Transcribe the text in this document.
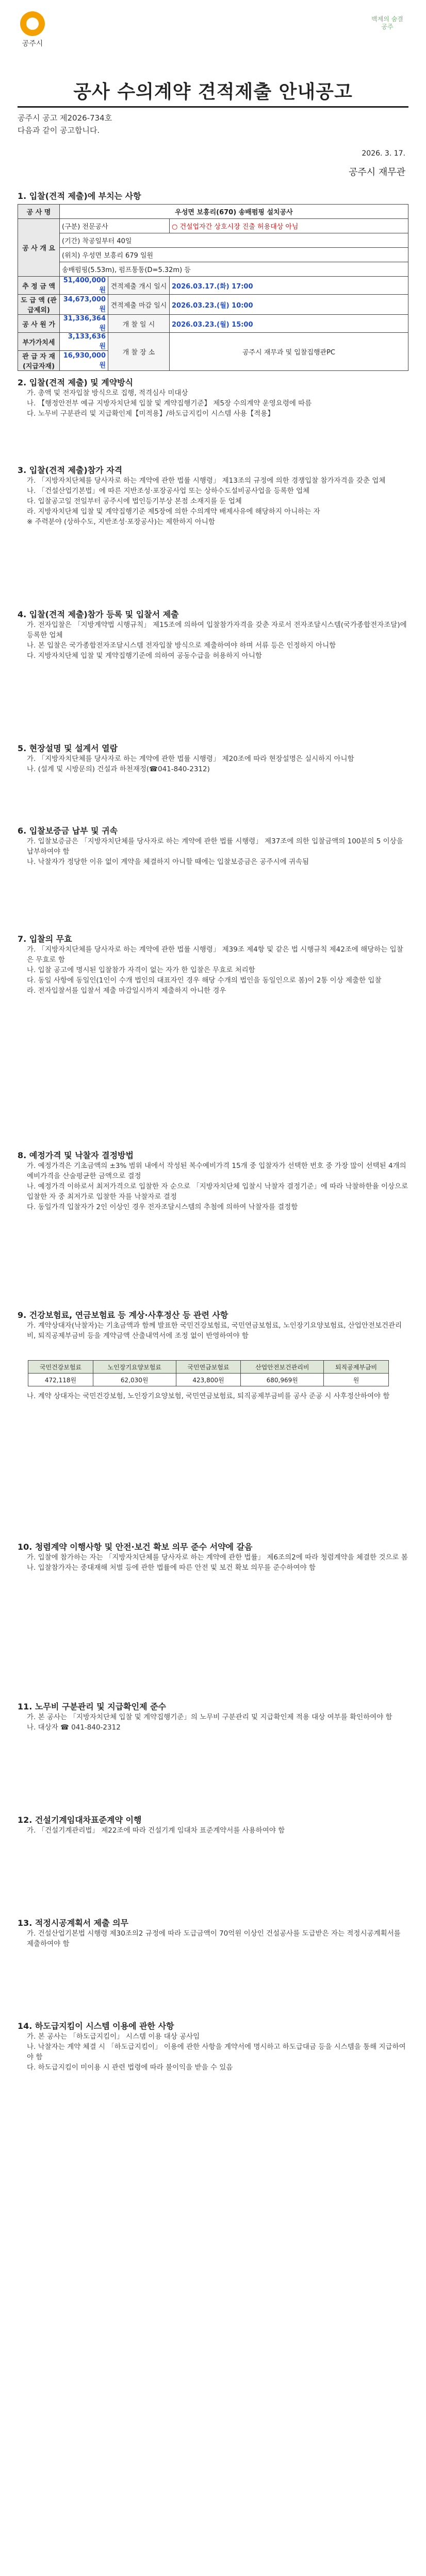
공주시
백제의 숨결 공주
공사 수의계약 견적제출 안내공고
공주시 공고 제2026-734호
다음과 같이 공고합니다.
2026. 3. 17.
공주시 재무관
1. 입찰(견적 제출)에 부치는 사항
공 사 명	우성면 보흥리(670) 송배펌핑 설치공사		
공 사 개 요	(구분) 전문공사		○ 건설업자간 상호시장 진출 허용대상 아님
	(기간) 착공일부터 40일		
	(위치) 우성면 보흥리 679 일원		
	송배펌핑(5.53m), 펌프통통(D=5.32m) 등		
추 정 금 액	51,400,000원	견적제출 개시 일시	2026.03.17.(화) 17:00
도 급 액 (관급제외)	34,673,000원	견적제출 마감 일시	2026.03.23.(월) 10:00
공 사 원 가	31,336,364원	개 찰 일 시	2026.03.23.(월) 15:00
부가가치세	3,133,636원	개 찰 장 소	공주시 재무과 및 입찰집행관PC
관 급 자 재 (지급자재)	16,930,000원		
2. 입찰(견적 제출) 및 계약방식

가. 총액 및 전자입찰 방식으로 집행, 적격심사 미대상

나. 【행정안전부 예규 지방자치단체 입찰 및 계약집행기준】 제5장 수의계약 운영요령에 따름

다. 노무비 구분관리 및 지급확인제【미적용】/하도급지킴이 시스템 사용【적용】

3. 입찰(견적 제출)참가 자격

가. 「지방자치단체를 당사자로 하는 계약에 관한 법률 시행령」 제13조의 규정에 의한 경쟁입찰 참가자격을 갖춘 업체

나. 「건설산업기본법」에 따른 지반조성·포장공사업 또는 상하수도설비공사업을 등록한 업체

다. 입찰공고일 전일부터 공주시에 법인등기부상 본점 소재지를 둔 업체

라. 지방자치단체 입찰 및 계약집행기준 제5장에 의한 수의계약 배제사유에 해당하지 아니하는 자

※ 주력분야 (상하수도, 지반조성·포장공사)는 제한하지 아니함

4. 입찰(견적 제출)참가 등록 및 입찰서 제출

가. 전자입찰은 「지방계약법 시행규칙」 제15조에 의하여 입찰참가자격을 갖춘 자로서 전자조달시스템(국가종합전자조달)에 등록한 업체

나. 본 입찰은 국가종합전자조달시스템 전자입찰 방식으로 제출하여야 하며 서류 등은 인정하지 아니함

다. 지방자치단체 입찰 및 계약집행기준에 의하여 공동수급을 허용하지 아니함

5. 현장설명 및 설계서 열람

가. 「지방자치단체를 당사자로 하는 계약에 관한 법률 시행령」 제20조에 따라 현장설명은 실시하지 아니함

나. (설계 및 시방문의) 건설과 하천재정(☎041-840-2312)

6. 입찰보증금 납부 및 귀속

가. 입찰보증금은 「지방자치단체를 당사자로 하는 계약에 관한 법률 시행령」 제37조에 의한 입찰금액의 100분의 5 이상을 납부하여야 함

나. 낙찰자가 정당한 이유 없이 계약을 체결하지 아니할 때에는 입찰보증금은 공주시에 귀속됨

7. 입찰의 무효

가. 「지방자치단체를 당사자로 하는 계약에 관한 법률 시행령」 제39조 제4항 및 같은 법 시행규칙 제42조에 해당하는 입찰은 무효로 함

나. 입찰 공고에 명시된 입찰참가 자격이 없는 자가 한 입찰은 무효로 처리함

다. 동일 사항에 동일인(1인이 수개 법인의 대표자인 경우 해당 수개의 법인을 동일인으로 봄)이 2통 이상 제출한 입찰

라. 전자입찰서를 입찰서 제출 마감일시까지 제출하지 아니한 경우

8. 예정가격 및 낙찰자 결정방법

가. 예정가격은 기초금액의 ±3% 범위 내에서 작성된 복수예비가격 15개 중 입찰자가 선택한 번호 중 가장 많이 선택된 4개의 예비가격을 산술평균한 금액으로 결정

나. 예정가격 이하로서 최저가격으로 입찰한 자 순으로 「지방자치단체 입찰시 낙찰자 결정기준」에 따라 낙찰하한율 이상으로 입찰한 자 중 최저가로 입찰한 자를 낙찰자로 결정

다. 동일가격 입찰자가 2인 이상인 경우 전자조달시스템의 추첨에 의하여 낙찰자를 결정함

9. 건강보험료, 연금보험료 등 계상·사후정산 등 관련 사항

가. 계약상대자(낙찰자)는 기초금액과 함께 발표한 국민건강보험료, 국민연금보험료, 노인장기요양보험료, 산업안전보건관리비, 퇴직공제부금비 등을 계약금액 산출내역서에 조정 없이 반영하여야 함

국민건강보험료	노인장기요양보험료	국민연금보험료	산업안전보건관리비	퇴직공제부금비
472,118원	62,030원	423,800원	680,969원	원

나. 계약 상대자는 국민건강보험, 노인장기요양보험, 국민연금보험료, 퇴직공제부금비를 공사 준공 시 사후정산하여야 함

10. 청렴계약 이행사항 및 안전·보건 확보 의무 준수 서약에 갈음

가. 입찰에 참가하는 자는 「지방자치단체를 당사자로 하는 계약에 관한 법률」 제6조의2에 따라 청렴계약을 체결한 것으로 봄

나. 입찰참가자는 중대재해 처벌 등에 관한 법률에 따른 안전 및 보건 확보 의무를 준수하여야 함

11. 노무비 구분관리 및 지급확인제 준수

가. 본 공사는 「지방자치단체 입찰 및 계약집행기준」의 노무비 구분관리 및 지급확인제 적용 대상 여부를 확인하여야 함

나. 대상자 ☎ 041-840-2312

12. 건설기계임대차표준계약 이행

가. 「건설기계관리법」 제22조에 따라 건설기계 임대차 표준계약서를 사용하여야 함

13. 적정시공계획서 제출 의무

가. 건설산업기본법 시행령 제30조의2 규정에 따라 도급금액이 70억원 이상인 건설공사를 도급받은 자는 적정시공계획서를 제출하여야 함

14. 하도급지킴이 시스템 이용에 관한 사항

가. 본 공사는 「하도급지킴이」 시스템 이용 대상 공사임

나. 낙찰자는 계약 체결 시 「하도급지킴이」 이용에 관한 사항을 계약서에 명시하고 하도급대금 등을 시스템을 통해 지급하여야 함

다. 하도급지킴이 미이용 시 관련 법령에 따라 불이익을 받을 수 있음
